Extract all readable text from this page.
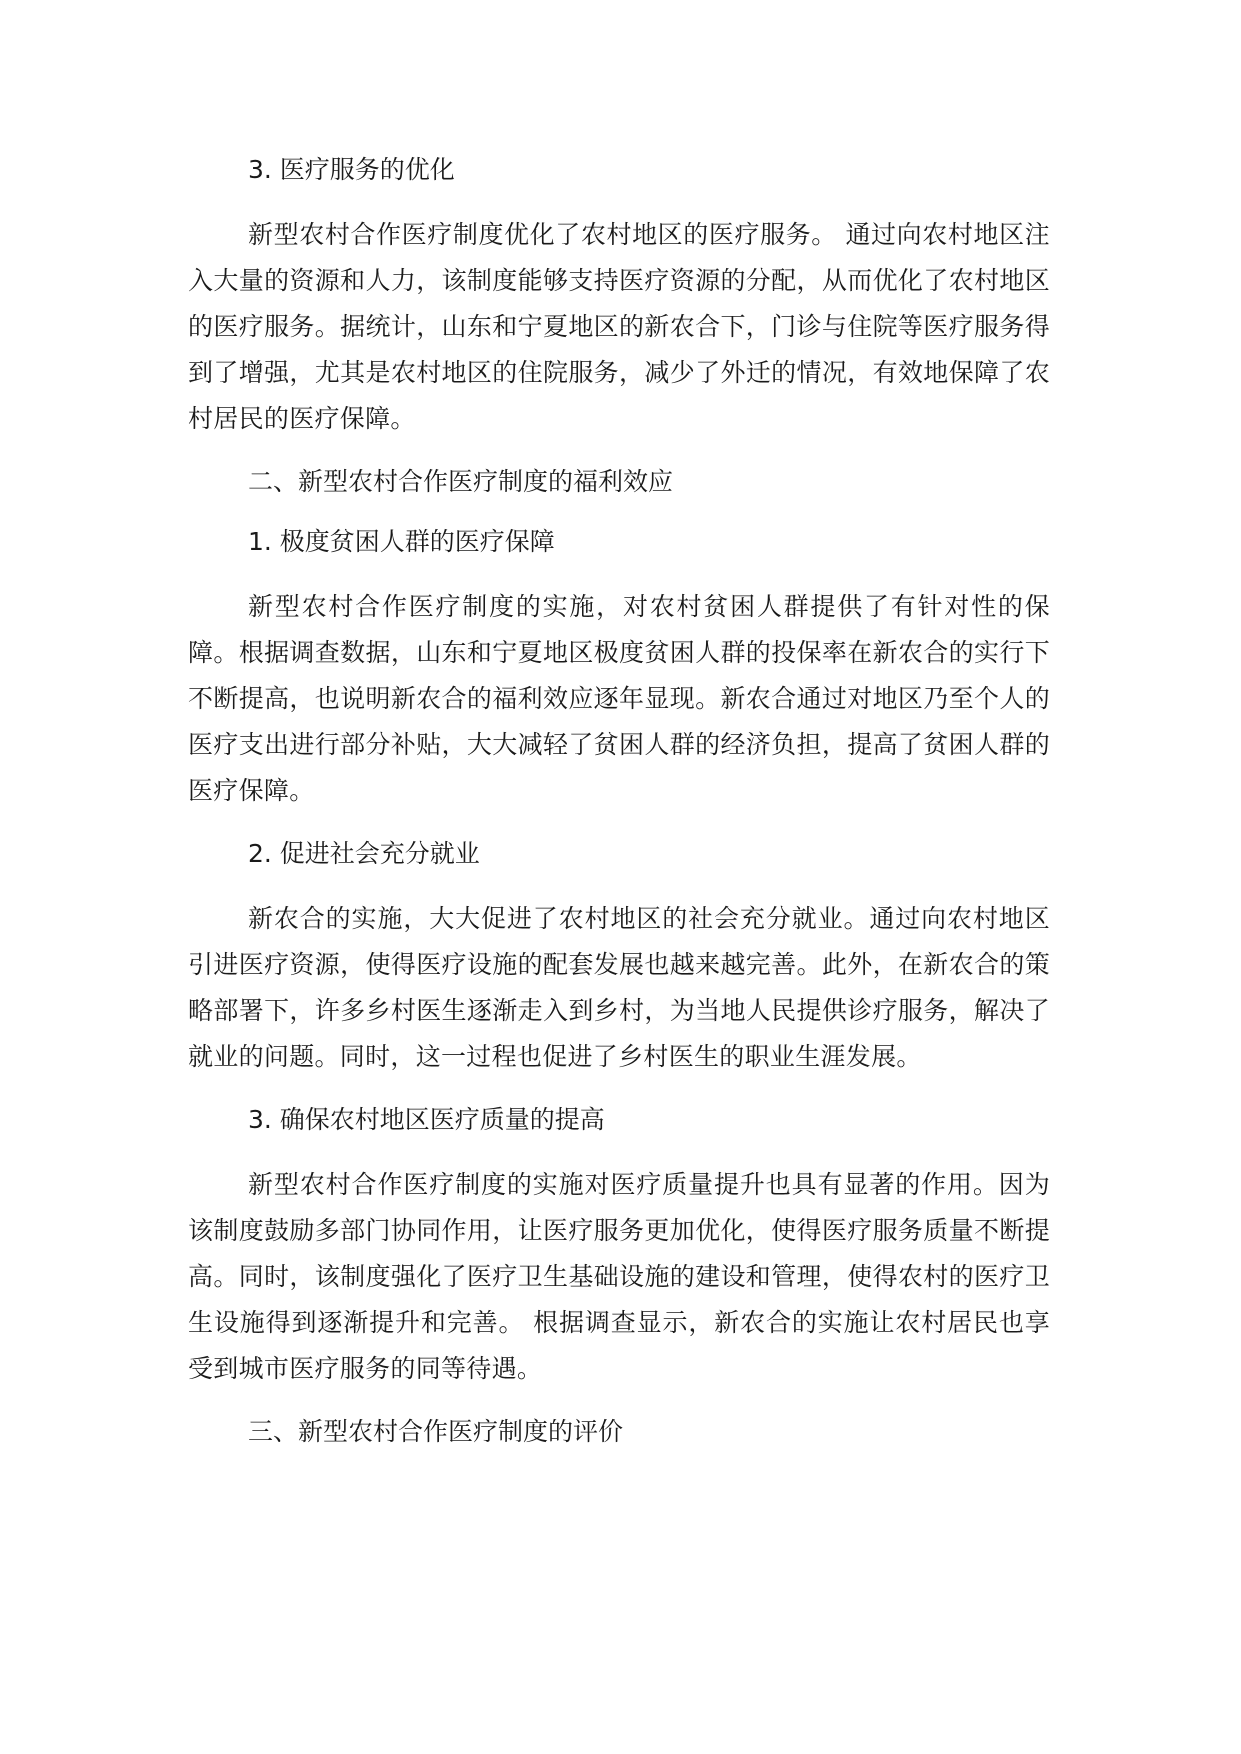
3. 医疗服务的优化

新型农村合作医疗制度优化了农村地区的医疗服务。 通过向农村地区注入大量的资源和人力，该制度能够支持医疗资源的分配，从而优化了农村地区的医疗服务。据统计，山东和宁夏地区的新农合下，门诊与住院等医疗服务得到了增强，尤其是农村地区的住院服务，减少了外迁的情况，有效地保障了农村居民的医疗保障。

二、新型农村合作医疗制度的福利效应
1. 极度贫困人群的医疗保障

新型农村合作医疗制度的实施，对农村贫困人群提供了有针对性的保障。根据调查数据，山东和宁夏地区极度贫困人群的投保率在新农合的实行下不断提高，也说明新农合的福利效应逐年显现。新农合通过对地区乃至个人的医疗支出进行部分补贴，大大减轻了贫困人群的经济负担，提高了贫困人群的医疗保障。

2. 促进社会充分就业

新农合的实施，大大促进了农村地区的社会充分就业。通过向农村地区引进医疗资源，使得医疗设施的配套发展也越来越完善。此外，在新农合的策略部署下，许多乡村医生逐渐走入到乡村，为当地人民提供诊疗服务，解决了就业的问题。同时，这一过程也促进了乡村医生的职业生涯发展。

3. 确保农村地区医疗质量的提高

新型农村合作医疗制度的实施对医疗质量提升也具有显著的作用。因为该制度鼓励多部门协同作用，让医疗服务更加优化，使得医疗服务质量不断提高。同时，该制度强化了医疗卫生基础设施的建设和管理，使得农村的医疗卫生设施得到逐渐提升和完善。 根据调查显示，新农合的实施让农村居民也享受到城市医疗服务的同等待遇。

三、新型农村合作医疗制度的评价
